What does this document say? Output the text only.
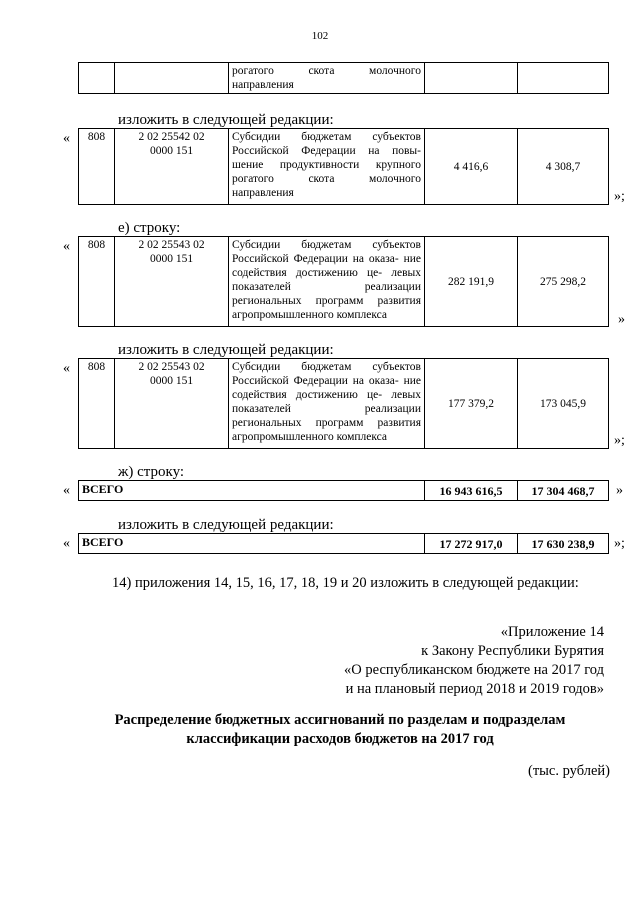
102
		рогатого скота молочного
направления

изложить в следующей редакции:
« 808	2 02 25542 02
0000 151
	Субсидии бюджетам субъектов Российской Федерации на повы- шение продуктивности крупного рогатого скота молочного
направления
	4 416,6	4 308,7
»;
е) строку:
« 808	2 02 25543 02
0000 151
	Субсидии бюджетам субъектов Российской Федерации на оказа- ние содействия достижению це- левых показателей реализации региональных программ развития
агропромышленного комплекса
	282 191,9	275 298,2
»
изложить в следующей редакции:
« 808	2 02 25543 02
0000 151
	Субсидии бюджетам субъектов Российской Федерации на оказа- ние содействия достижению це- левых показателей реализации региональных программ развития
агропромышленного комплекса
	177 379,2	173 045,9
»;
ж) строку:
« ВСЕГО	16 943 616,5	17 304 468,7 »
изложить в следующей редакции:
« ВСЕГО	17 272 917,0	17 630 238,9 »;
14) приложения 14, 15, 16, 17, 18, 19 и 20 изложить в следующей редакции:
«Приложение 14
к Закону Республики Бурятия
«О республиканском бюджете на 2017 год
и на плановый период 2018 и 2019 годов»
Распределение бюджетных ассигнований по разделам и подразделам
классификации расходов бюджетов на 2017 год
(тыс. рублей)
